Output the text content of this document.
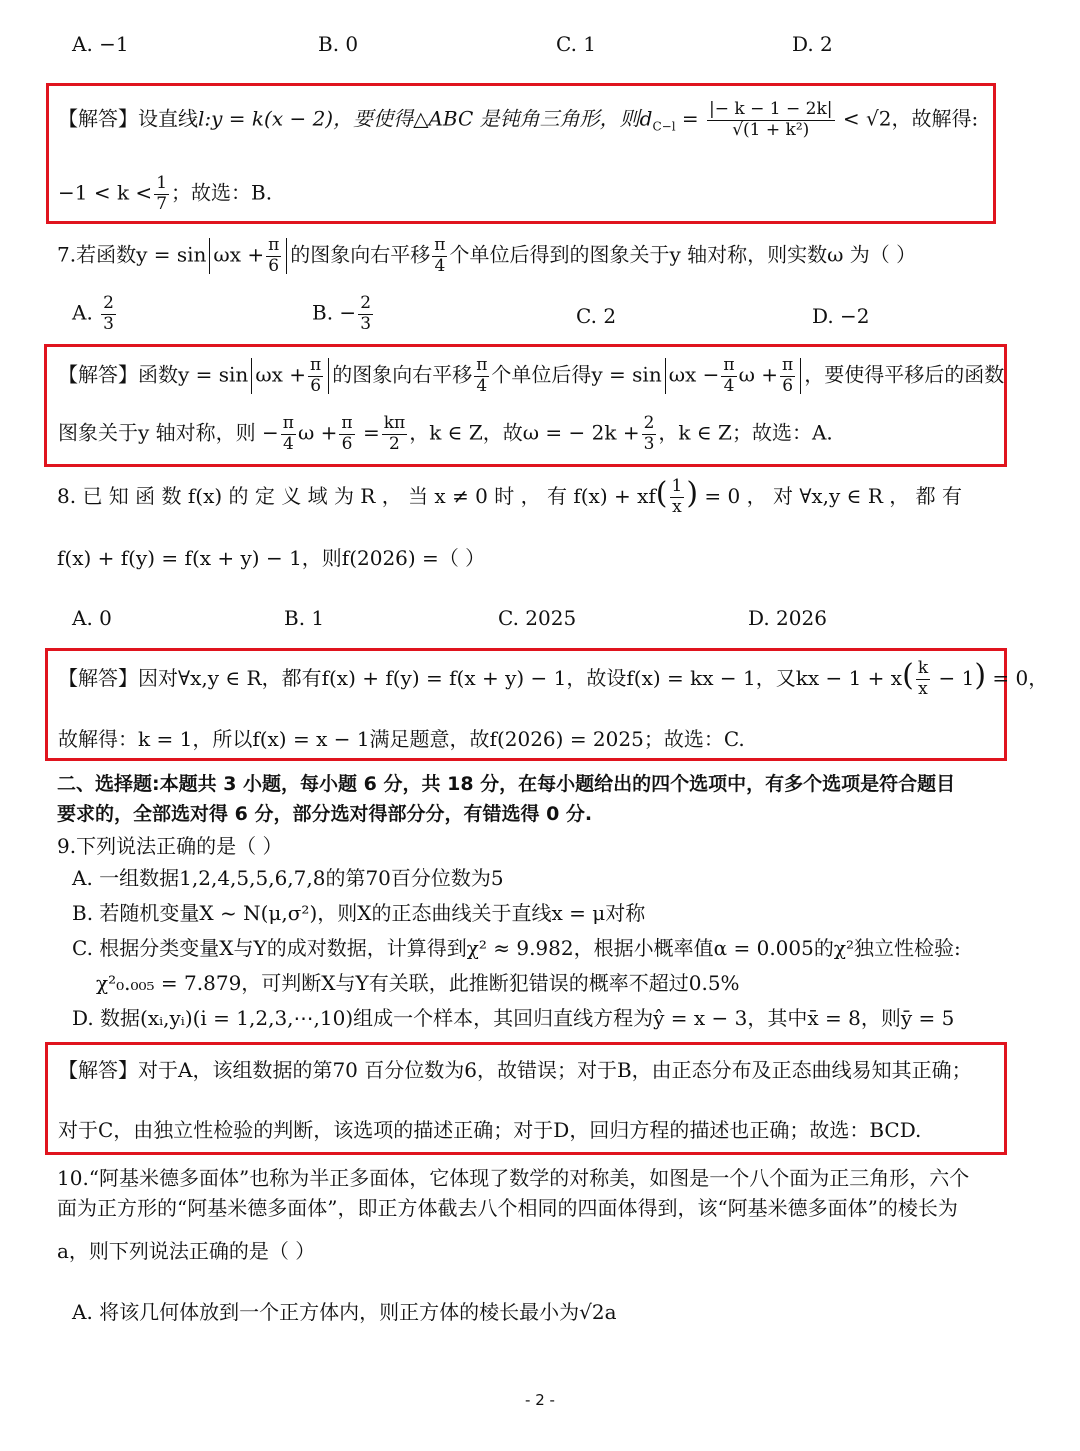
A. −1	B. 0	C. 1	D. 2
【解答】设直线l:y = k(x − 2)，要使得△ABC 是钝角三角形，则$d_{C-l} = \frac{|- k - 1 - 2k|}{\text{√(1 + k²)}} < √2$，故解得:
$-1 < k < \frac{1}{7}$ ；故选：B.
7.若函数$y = \sin \omega x + \frac{\pi}{6}$ 的图象向右平移 $\frac{\pi}{4}$ 个单位后得到的图象关于y 轴对称，则实数ω 为（ ）
A. $\frac{2}{3}$	B. − $\frac{2}{3}$	C. 2	D. −2
【解答】函数$y = \sin \omega x + \frac{\pi}{6}$ 的图象向右平移 $\frac{\pi}{4}$ 个单位后得$y = \sin \omega x - \frac{\pi}{4}$ $\omega + \frac{\pi}{6}$ ，要使得平移后的函数
图象关于y 轴对称，则 − $\frac{\pi}{4}$ $\omega + \frac{\pi}{6} = \frac{k\pi}{2}$ ，k ∈ Z，故ω = − $2k + \frac{2}{3}$ ，k ∈ Z；故选：A.
8. 已 知 函 数 f(x) 的 定 义 域 为 R ， 当 x ≠ 0 时 ， 有 $f(x) + xf( \frac{1}{x}$ ) = 0 ， 对 ∀x,y ∈ R ， 都 有
f(x) + f(y) = f(x + y) − 1，则f(2026) =（ ）
A. 0	B. 1	C. 2025	D. 2026
【解答】因对∀x,y ∈ R，都有f(x) + f(y) = f(x + y) − 1，故设f(x) = kx − 1，又kx − $1 + x( \frac{k}{x} - 1) = 0$，
故解得：k = 1，所以f(x) = x − 1满足题意，故f(2026) = 2025；故选：C.
二、选择题:本题共 3 小题，每小题 6 分，共 18 分，在每小题给出的四个选项中，有多个选项是符合题目
要求的，全部选对得 6 分，部分选对得部分分，有错选得 0 分.
9.下列说法正确的是（ ）
A. 一组数据1,2,4,5,5,6,7,8的第70百分位数为5
B. 若随机变量X ~ N(μ,σ²)，则X的正态曲线关于直线x = μ对称
C. 根据分类变量X与Y的成对数据，计算得到χ² ≈ 9.982，根据小概率值α = 0.005的χ²独立性检验:
χ²₀.₀₀₅ = 7.879，可判断X与Y有关联，此推断犯错误的概率不超过0.5%
D. 数据(xᵢ,yᵢ)(i = 1,2,3,⋯,10)组成一个样本，其回归直线方程为ŷ = x − 3，其中x̄ = 8，则ȳ = 5
【解答】对于A，该组数据的第70 百分位数为6，故错误；对于B，由正态分布及正态曲线易知其正确；
对于C，由独立性检验的判断，该选项的描述正确；对于D，回归方程的描述也正确；故选：BCD.
10.“阿基米德多面体”也称为半正多面体，它体现了数学的对称美，如图是一个八个面为正三角形，六个
面为正方形的“阿基米德多面体”，即正方体截去八个相同的四面体得到，该“阿基米德多面体”的棱长为
a，则下列说法正确的是（ ）
A. 将该几何体放到一个正方体内，则正方体的棱长最小为√2a
- 2 -
